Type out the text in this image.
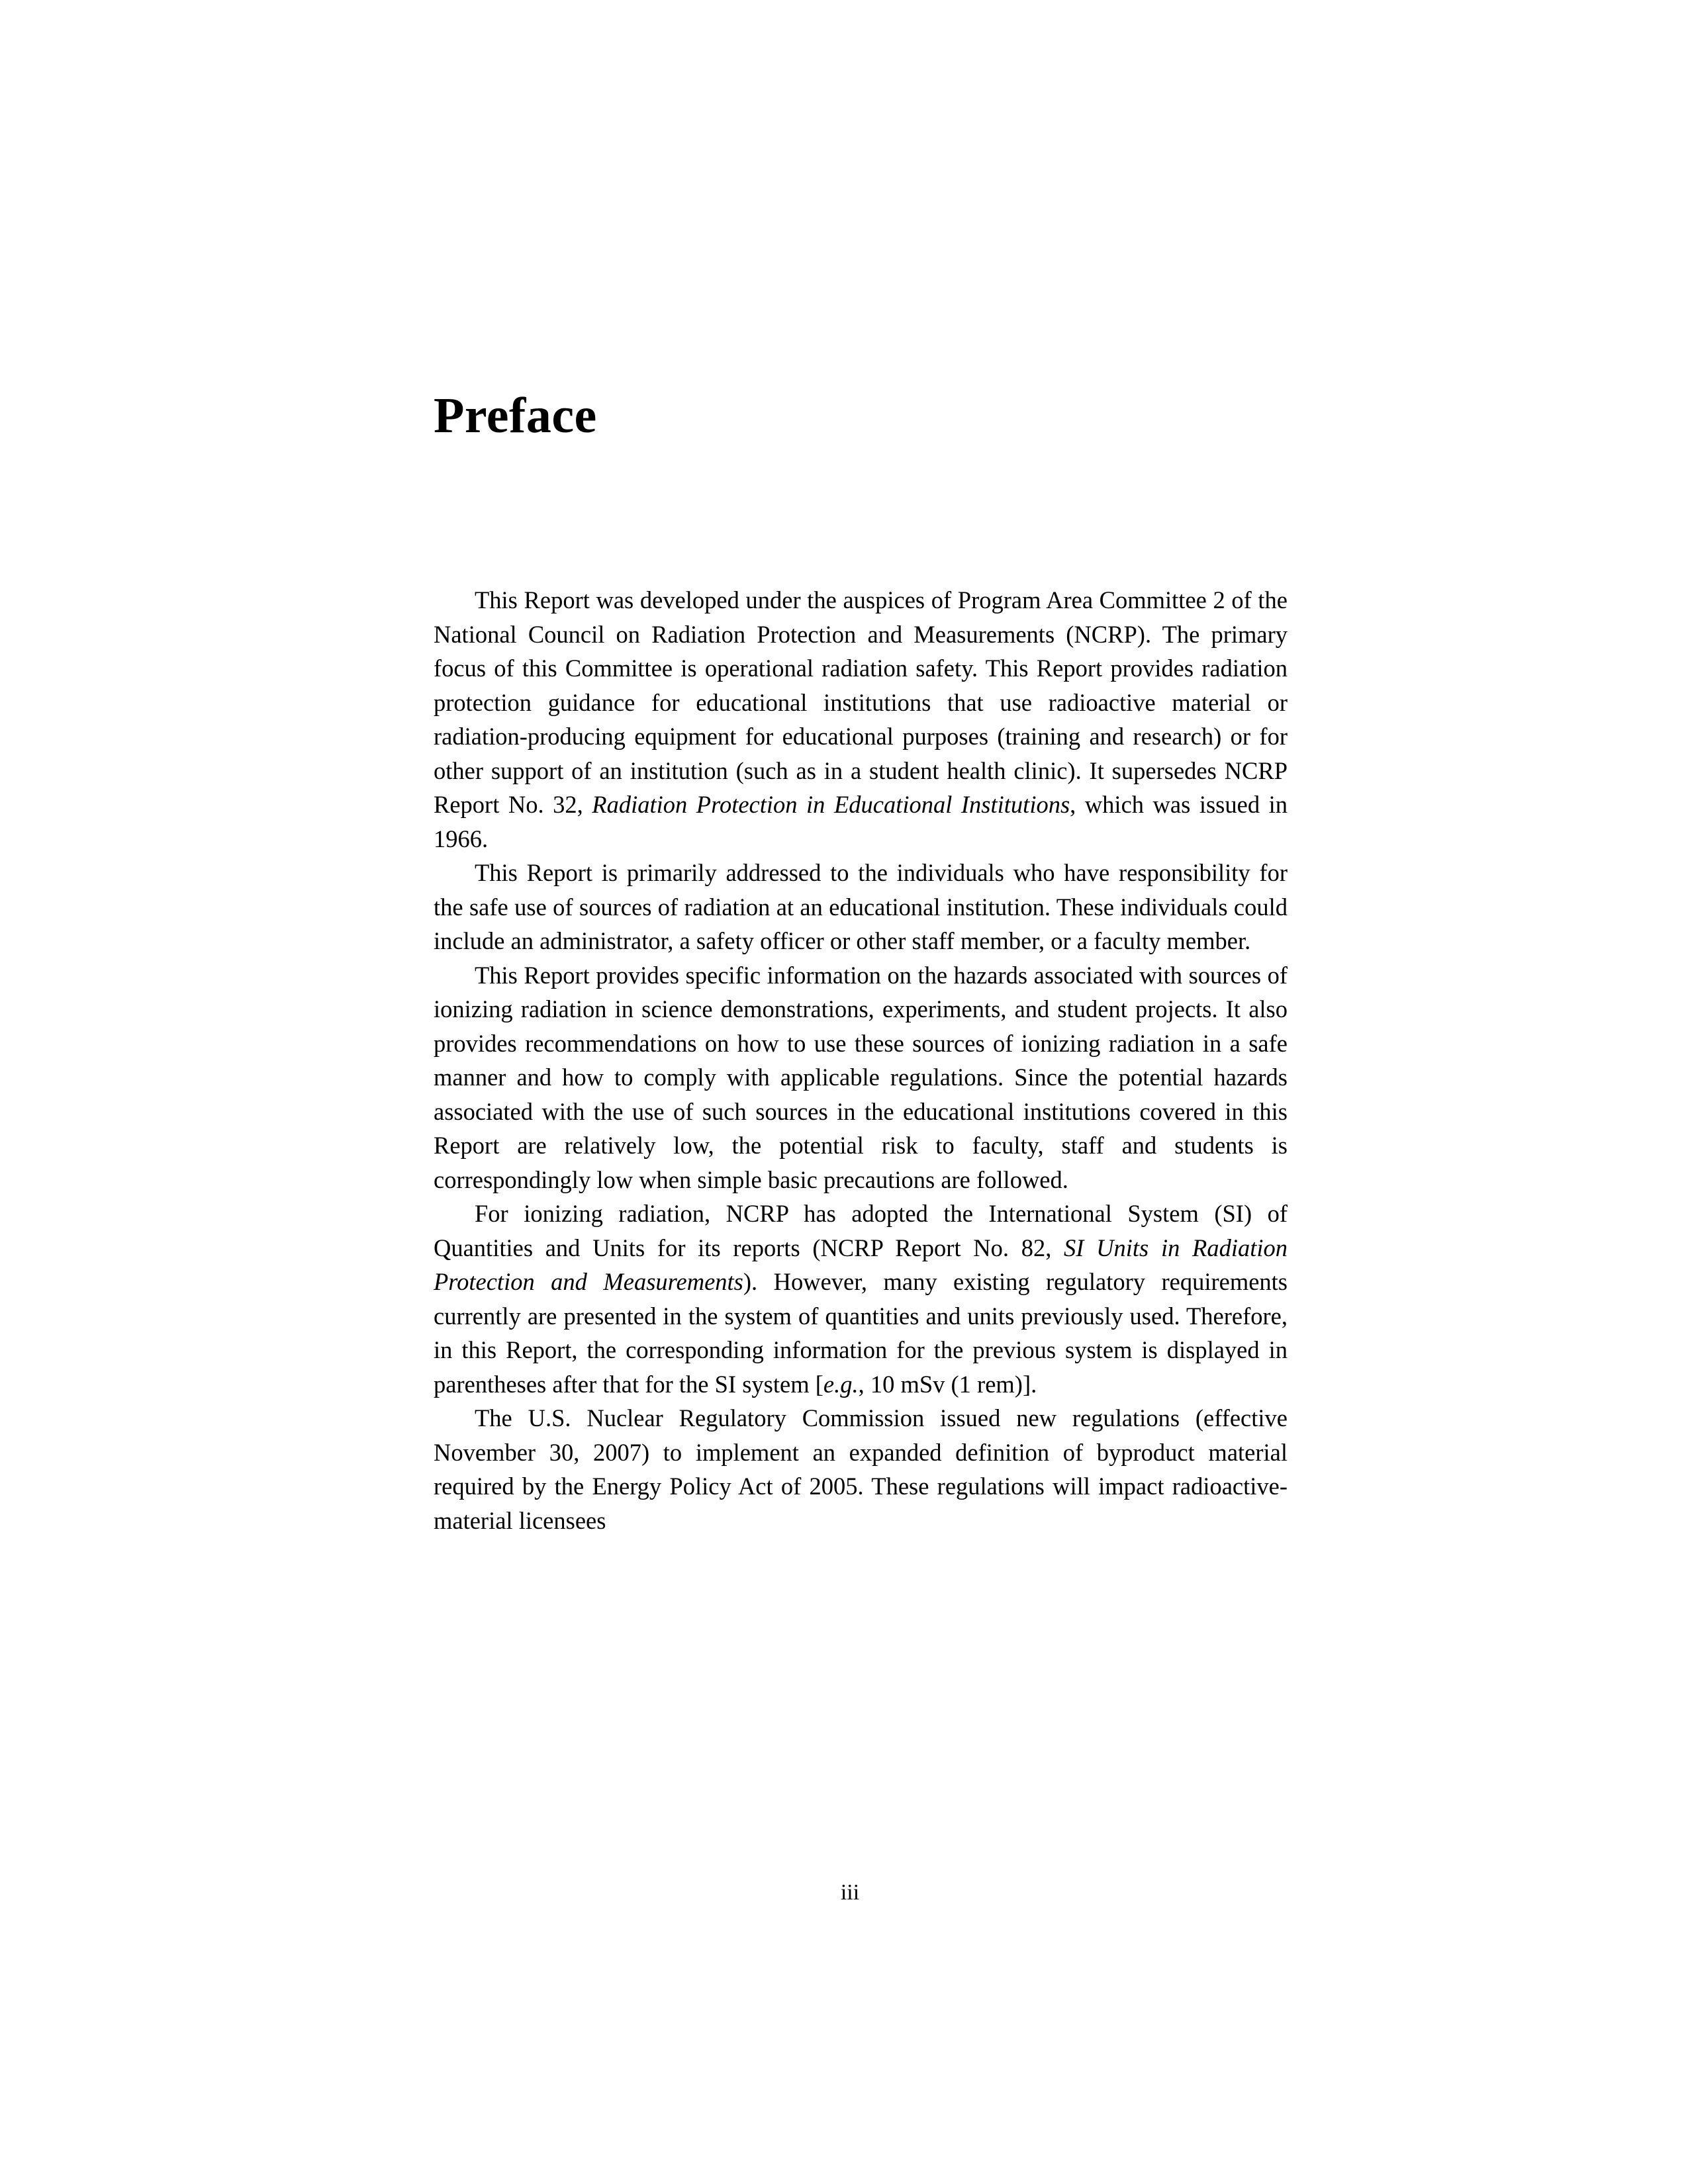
Preface

This Report was developed under the auspices of Program Area Committee 2 of the National Council on Radiation Protection and Measurements (NCRP). The primary focus of this Committee is operational radiation safety. This Report provides radiation protection guidance for educational institutions that use radioactive material or radiation-producing equipment for educational purposes (training and research) or for other support of an institution (such as in a student health clinic). It supersedes NCRP Report No. 32, Radiation Protection in Educational Institutions, which was issued in 1966.

This Report is primarily addressed to the individuals who have responsibility for the safe use of sources of radiation at an educational institution. These individuals could include an administrator, a safety officer or other staff member, or a faculty member.

This Report provides specific information on the hazards associated with sources of ionizing radiation in science demonstrations, experiments, and student projects. It also provides recommendations on how to use these sources of ionizing radiation in a safe manner and how to comply with applicable regulations. Since the potential hazards associated with the use of such sources in the educational institutions covered in this Report are relatively low, the potential risk to faculty, staff and students is correspondingly low when simple basic precautions are followed.

For ionizing radiation, NCRP has adopted the International System (SI) of Quantities and Units for its reports (NCRP Report No. 82, SI Units in Radiation Protection and Measurements). However, many existing regulatory requirements currently are presented in the system of quantities and units previously used. Therefore, in this Report, the corresponding information for the previous system is displayed in parentheses after that for the SI system [e.g., 10 mSv (1 rem)].

The U.S. Nuclear Regulatory Commission issued new regulations (effective November 30, 2007) to implement an expanded definition of byproduct material required by the Energy Policy Act of 2005. These regulations will impact radioactive-material licensees

iii
